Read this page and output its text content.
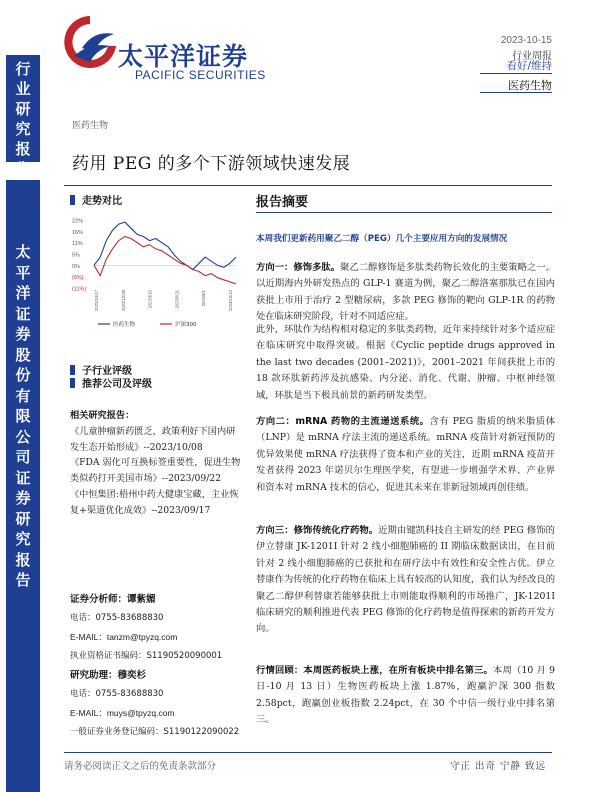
行
业
研
究
报
告
太
平
洋
证
券
股
份
有
限
公
司
证
券
研
究
报
告
太平洋证券
PACIFIC SECURITIES
2023-10-15
行业周报
看好/维持
医药生物
医药生物
药用 PEG 的多个下游领域快速发展
走势对比
22%
16%
11%
5%
0%
(6%)
(11%)
2022/10/17	2022/12/28	2023/3/10	2023/5/21	2023/8/1	2023/10/12
医药生物	沪深300
子行业评级
推荐公司及评级
相关研究报告：
《儿童肿瘤新药匮乏，政策利好下国内研发生态开始形成》--2023/10/08
《FDA 弱化可互换标签重要性，促进生物类似药打开美国市场》--2023/09/22
《中恒集团:梧州中药大健康宝藏，主业恢复+渠道优化成效》--2023/09/17
证券分析师：谭紫媚
电话：0755-83688830
E-MAIL：tanzm@tpyzq.com
执业资格证书编码：S1190520090001
研究助理：穆奕杉
电话：0755-83688830
E-MAIL：muys@tpyzq.com
一般证券业务登记编码：S1190122090022
报告摘要
本周我们更新药用聚乙二醇（PEG）几个主要应用方向的发展情况
方向一：修饰多肽。聚乙二醇修饰是多肽类药物长效化的主要策略之一。以近期海内外研发热点的 GLP-1 赛道为例，聚乙二醇洛塞那肽已在国内获批上市用于治疗 2 型糖尿病，多款 PEG 修饰的靶向 GLP-1R 的药物处在临床研究阶段，针对不同适应症。
此外，环肽作为结构相对稳定的多肽类药物，近年来持续针对多个适应症在临床研究中取得突破。根据《Cyclic peptide drugs approved in the last two decades (2001–2021)》，2001–2021 年间获批上市的 18 款环肽新药涉及抗感染、内分泌、消化、代谢、肿瘤、中枢神经领域，环肽是当下极具前景的新药研发类型。
方向二：mRNA 药物的主流递送系统。含有 PEG 脂质的纳米脂质体（LNP）是 mRNA 疗法主流的递送系统。mRNA 疫苗针对新冠预防的优异效果使 mRNA 疗法获得了资本和产业的关注，近期 mRNA 疫苗开发者获得 2023 年诺贝尔生理医学奖，有望进一步增强学术界、产业界和资本对 mRNA 技术的信心，促进其未来在非新冠领域再创佳绩。
方向三：修饰传统化疗药物。近期由键凯科技自主研发的经 PEG 修饰的伊立替康 JK-1201I 针对 2 线小细胞肺癌的 II 期临床数据读出，在目前针对 2 线小细胞肺癌的已获批和在研疗法中有效性和安全性占优。伊立替康作为传统的化疗药物在临床上具有较高的认知度，我们认为经改良的聚乙二醇伊利替康若能够获批上市则能取得顺利的市场推广，JK-1201I 临床研究的顺利推进代表 PEG 修饰的化疗药物是值得探索的新药开发方向。
行情回顾：本周医药板块上涨，在所有板块中排名第三。本周（10 月 9 日-10 月 13 日）生物医药板块上涨 1.87%，跑赢沪深 300 指数 2.58pct，跑赢创业板指数 2.24pct，在 30 个中信一级行业中排名第三。
请务必阅读正文之后的免责条款部分	守正 出奇 宁静 致远
